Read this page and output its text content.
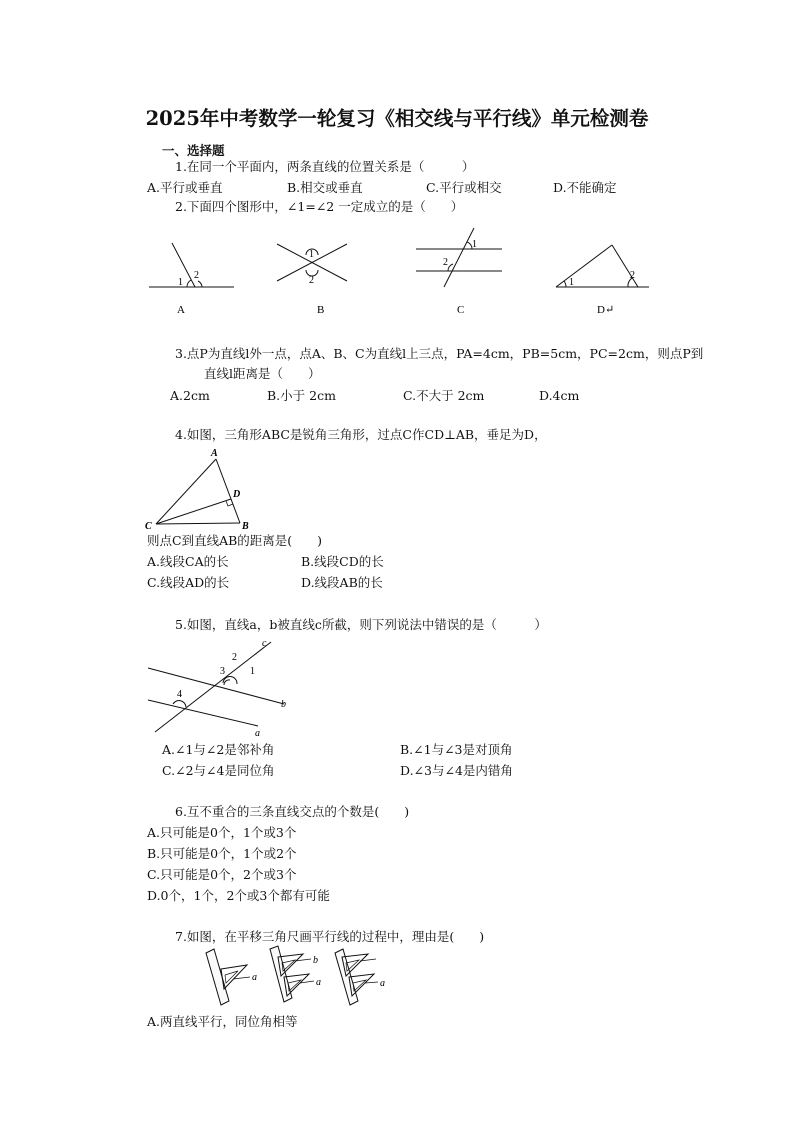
2025年中考数学一轮复习《相交线与平行线》单元检测卷
一、选择题
1.在同一个平面内，两条直线的位置关系是（　　　）
A.平行或垂直	B.相交或垂直	C.平行或相交	D.不能确定
2.下面四个图形中，∠1=∠2 一定成立的是（　　）
1
2
A
1
2
B
1
2
C
1
2
D↵
3.点P为直线l外一点，点A、B、C为直线l上三点，PA=4cm，PB=5cm，PC=2cm，则点P到
直线l距离是（　　）
A.2cm	B.小于 2cm	C.不大于 2cm	D.4cm
4.如图，三角形ABC是锐角三角形，过点C作CD⊥AB，垂足为D，
A
D
C	B
则点C到直线AB的距离是(　　)
A.线段CA的长	B.线段CD的长
C.线段AD的长	D.线段AB的长
5.如图，直线a，b被直线c所截，则下列说法中错误的是（　　　）
2
1
3
4
c
b
a
A.∠1与∠2是邻补角	B.∠1与∠3是对顶角
C.∠2与∠4是同位角	D.∠3与∠4是内错角
6.互不重合的三条直线交点的个数是(　　)
A.只可能是0个，1个或3个
B.只可能是0个，1个或2个
C.只可能是0个，2个或3个
D.0个，1个，2个或3个都有可能
7.如图，在平移三角尺画平行线的过程中，理由是(　　)
a
b
a	a
A.两直线平行，同位角相等
